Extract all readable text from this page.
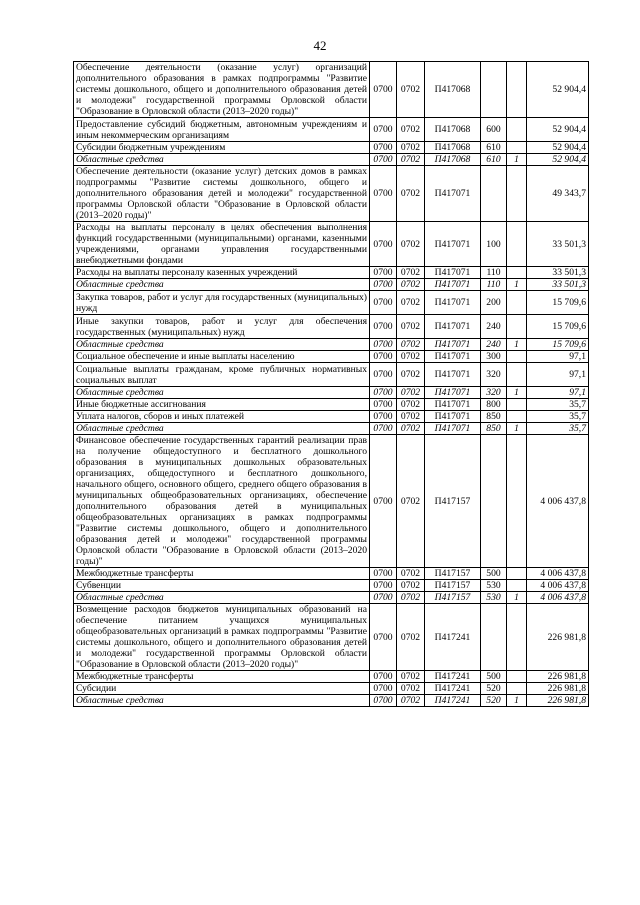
42
Обеспечение деятельности (оказание услуг) организаций дополнительного образования в рамках подпрограммы "Развитие системы дошкольного, общего и дополнительного образования детей и молодежи" государственной программы Орловской области "Образование в Орловской области (2013–2020 годы)"	0700	0702	П417068			52 904,4
Предоставление субсидий бюджетным, автономным учреждениям и иным некоммерческим организациям	0700	0702	П417068	600		52 904,4
Субсидии бюджетным учреждениям	0700	0702	П417068	610		52 904,4
Областные средства	0700	0702	П417068	610	1	52 904,4
Обеспечение деятельности (оказание услуг) детских домов в рамках подпрограммы "Развитие системы дошкольного, общего и дополнительного образования детей и молодежи" государственной программы Орловской области "Образование в Орловской области (2013–2020 годы)"	0700	0702	П417071			49 343,7
Расходы на выплаты персоналу в целях обеспечения выполнения функций государственными (муниципальными) органами, казенными учреждениями, органами управления государственными внебюджетными фондами	0700	0702	П417071	100		33 501,3
Расходы на выплаты персоналу казенных учреждений	0700	0702	П417071	110		33 501,3
Областные средства	0700	0702	П417071	110	1	33 501,3
Закупка товаров, работ и услуг для государственных (муниципальных) нужд	0700	0702	П417071	200		15 709,6
Иные закупки товаров, работ и услуг для обеспечения государственных (муниципальных) нужд	0700	0702	П417071	240		15 709,6
Областные средства	0700	0702	П417071	240	1	15 709,6
Социальное обеспечение и иные выплаты населению	0700	0702	П417071	300		97,1
Социальные выплаты гражданам, кроме публичных нормативных социальных выплат	0700	0702	П417071	320		97,1
Областные средства	0700	0702	П417071	320	1	97,1
Иные бюджетные ассигнования	0700	0702	П417071	800		35,7
Уплата налогов, сборов и иных платежей	0700	0702	П417071	850		35,7
Областные средства	0700	0702	П417071	850	1	35,7
Финансовое обеспечение государственных гарантий реализации прав на получение общедоступного и бесплатного дошкольного образования в муниципальных дошкольных образовательных организациях, общедоступного и бесплатного дошкольного, начального общего, основного общего, среднего общего образования в муниципальных общеобразовательных организациях, обеспечение дополнительного образования детей в муниципальных общеобразовательных организациях в рамках подпрограммы "Развитие системы дошкольного, общего и дополнительного образования детей и молодежи" государственной программы Орловской области "Образование в Орловской области (2013–2020 годы)"	0700	0702	П417157			4 006 437,8
Межбюджетные трансферты	0700	0702	П417157	500		4 006 437,8
Субвенции	0700	0702	П417157	530		4 006 437,8
Областные средства	0700	0702	П417157	530	1	4 006 437,8
Возмещение расходов бюджетов муниципальных образований на обеспечение питанием учащихся муниципальных общеобразовательных организаций в рамках подпрограммы "Развитие системы дошкольного, общего и дополнительного образования детей и молодежи" государственной программы Орловской области "Образование в Орловской области (2013–2020 годы)"	0700	0702	П417241			226 981,8
Межбюджетные трансферты	0700	0702	П417241	500		226 981,8
Субсидии	0700	0702	П417241	520		226 981,8
Областные средства	0700	0702	П417241	520	1	226 981,8
